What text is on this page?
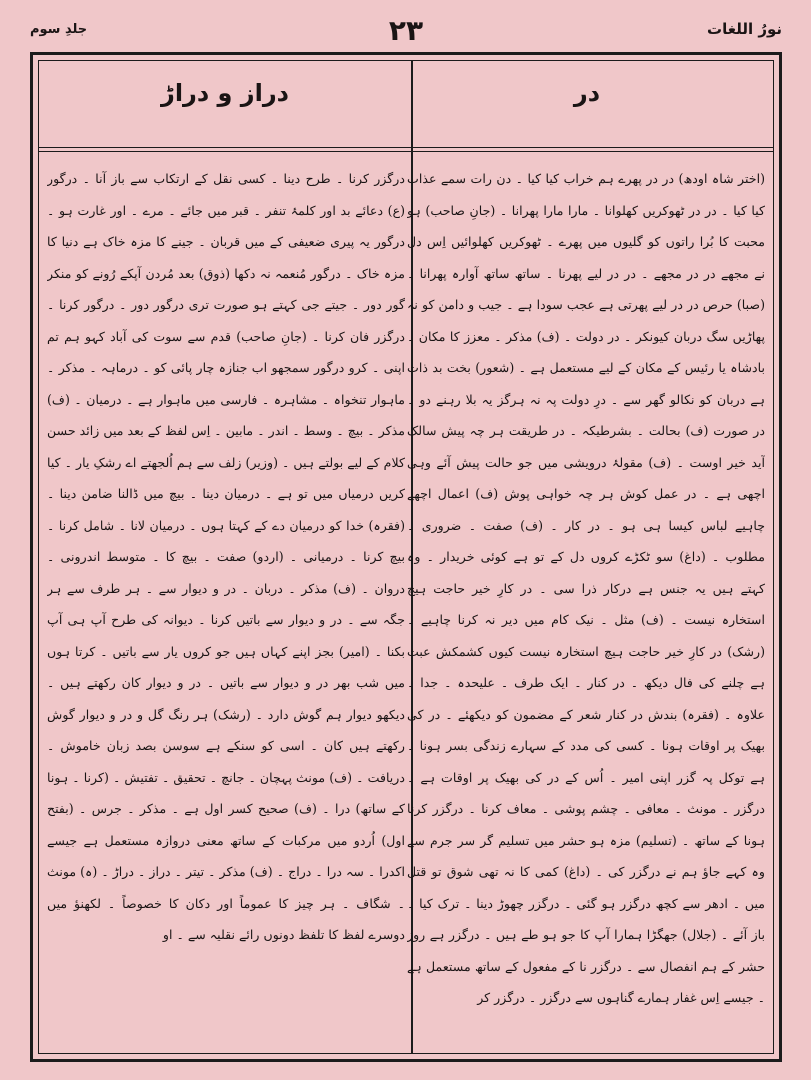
نورُ اللغات
۲۳
جلدِ سوم
در
دراز و دراڑ

(اختر شاہ اودھ) در در پھرے ہم خراب کیا کیا ۔ دن رات سمے عذاب کیا کیا ۔ در در ٹھوکریں کھلوانا ۔ مارا مارا پھرانا ۔ (جانِ صاحب) ہو محبت کا بُرا راتوں کو گلیوں میں پھرے ۔ ٹھوکریں کھلوائیں اِس دل نے مجھے در در مجھے ۔ در در لیے پھرنا ۔ ساتھ ساتھ آوارہ پھرانا ۔ (صبا) حرص در در لیے پھرتی ہے عجب سودا ہے ۔ جیب و دامن کو نہ پھاڑیں سگ دربان کیونکر ۔ در دولت ۔ (ف) مذکر ۔ معزز کا مکان ۔ بادشاہ یا رئیس کے مکان کے لیے مستعمل ہے ۔ (شعور) بخت بد ذات ہے دربان کو نکالو گھر سے ۔ درِ دولت پہ نہ ہرگز یہ بلا رہنے دو ۔ در صورت (ف) بحالت ۔ بشرطیکہ ۔ در طریقت ہر چہ پیش سالک آید خیر اوست ۔ (ف) مقولۂ درویشی میں جو حالت پیش آئے وہی اچھی ہے ۔ در عمل کوش ہر چہ خواہی پوش (ف) اعمال اچھے چاہیے لباس کیسا ہی ہو ۔ در کار ۔ (ف) صفت ۔ ضروری ۔ مطلوب ۔ (داغ) سو ٹکڑے کروں دل کے تو ہے کوئی خریدار ۔ وہ کہتے ہیں یہ جنس ہے درکار ذرا سی ۔ در کارِ خیر حاجت ہیچ استخارہ نیست ۔ (ف) مثل ۔ نیک کام میں دیر نہ کرنا چاہیے ۔ (رشک) در کارِ خیر حاجت ہیچ استخارہ نیست کیوں کشمکش عبث ہے چلنے کی فال دیکھ ۔ در کنار ۔ ایک طرف ۔ علیحدہ ۔ جدا ۔ علاوہ ۔ (فقرہ) بندش در کنار شعر کے مضمون کو دیکھئے ۔ در کی بھیک پر اوقات ہونا ۔ کسی کی مدد کے سہارے زندگی بسر ہونا ۔ ہے توکل پہ گزر اپنی امیر ۔ اُس کے در کی بھیک پر اوقات ہے ۔ درگزر ۔ مونث ۔ معافی ۔ چشم پوشی ۔ معاف کرنا ۔ درگزر کرنا ہونا کے ساتھ ۔ (تسلیم) مزہ ہو حشر میں تسلیم گر سر جرم سے وہ کہے جاؤ ہم نے درگزر کی ۔ (داغ) کمی کا نہ تھی شوق تو قتل میں ۔ ادھر سے کچھ درگزر ہو گئی ۔ درگزر چھوڑ دینا ۔ ترک کیا ۔ باز آئے ۔ (جلال) جھگڑا ہمارا آپ کا جو ہو طے ہیں ۔ درگزر ہے روز حشر کے ہم انفصال سے ۔ درگزر نا کے مفعول کے ساتھ مستعمل ہے ۔ جیسے اِس غفار ہمارے گناہوں سے درگزر ۔ درگزر کر

درگزر کرنا ۔ طرح دینا ۔ کسی نقل کے ارتکاب سے باز آنا ۔ درگور (ع) دعائے بد اور کلمۂ تنفر ۔ قبر میں جائے ۔ مرے ۔ اور غارت ہو ۔ درگور یہ پیری ضعیفی کے میں قربان ۔ جینے کا مزہ خاک ہے دنیا کا مزہ خاک ۔ درگور مُنعمہ نہ دکھا (ذوق) بعد مُردن آپکے رُونے کو منکر گور دور ۔ جیتے جی کہتے ہو صورت تری درگور دور ۔ درگور کرنا ۔ درگزر فان کرنا ۔ (جانِ صاحب) قدم سے سوت کی آباد کہو ہم تم اپنی ۔ کرو درگور سمجھو اب جنازہ چار پائی کو ۔ درماہہ ۔ مذکر ۔ ماہوار تنخواہ ۔ مشاہرہ ۔ فارسی میں ماہوار ہے ۔ درمیان ۔ (ف) مذکر ۔ بیچ ۔ وسط ۔ اندر ۔ مابین ۔ اِس لفظ کے بعد میں زائد حسن کلام کے لیے بولتے ہیں ۔ (وزیر) زلف سے ہم اُلجھتے اے رشکِ یار ۔ کیا کریں درمیاں میں تو ہے ۔ درمیان دینا ۔ بیچ میں ڈالنا ضامن دینا ۔ (فقرہ) خدا کو درمیان دے کے کہتا ہوں ۔ درمیان لانا ۔ شامل کرنا ۔ بیچ کرنا ۔ درمیانی ۔ (اردو) صفت ۔ بیچ کا ۔ متوسط اندرونی ۔ دروان ۔ (ف) مذکر ۔ دربان ۔ در و دیوار سے ۔ ہر طرف سے ہر جگہ سے ۔ در و دیوار سے باتیں کرنا ۔ دیوانہ کی طرح آپ ہی آپ بکنا ۔ (امیر) بجز اپنے کہاں ہیں جو کروں یار سے باتیں ۔ کرتا ہوں میں شب بھر در و دیوار سے باتیں ۔ در و دیوار کان رکھتے ہیں ۔ دیکھو دیوار ہم گوش دارد ۔ (رشک) ہر رنگ گل و در و دیوار گوش رکھتے ہیں کان ۔ اسی کو سنکے ہے سوسن بصد زبان خاموش ۔ دریافت ۔ (ف) مونث پہچان ۔ جانچ ۔ تحقیق ۔ تفتیش ۔ (کرنا ۔ ہونا کے ساتھ) درا ۔ (ف) صحیح کسر اول ہے ۔ مذکر ۔ جرس ۔ (بفتح اول) اُردو میں مرکبات کے ساتھ معنی دروازہ مستعمل ہے جیسے اکدرا ۔ سہ درا ۔ دراج ۔ (ف) مذکر ۔ تیتر ۔ دراز ۔ دراڑ ۔ (ہ) مونث ۔ شگاف ۔ ہر چیز کا عموماً اور دکان کا خصوصاً ۔ لکھنؤ میں دوسرے لفظ کا تلفظ دونوں رائے نقلیہ سے ۔ او
